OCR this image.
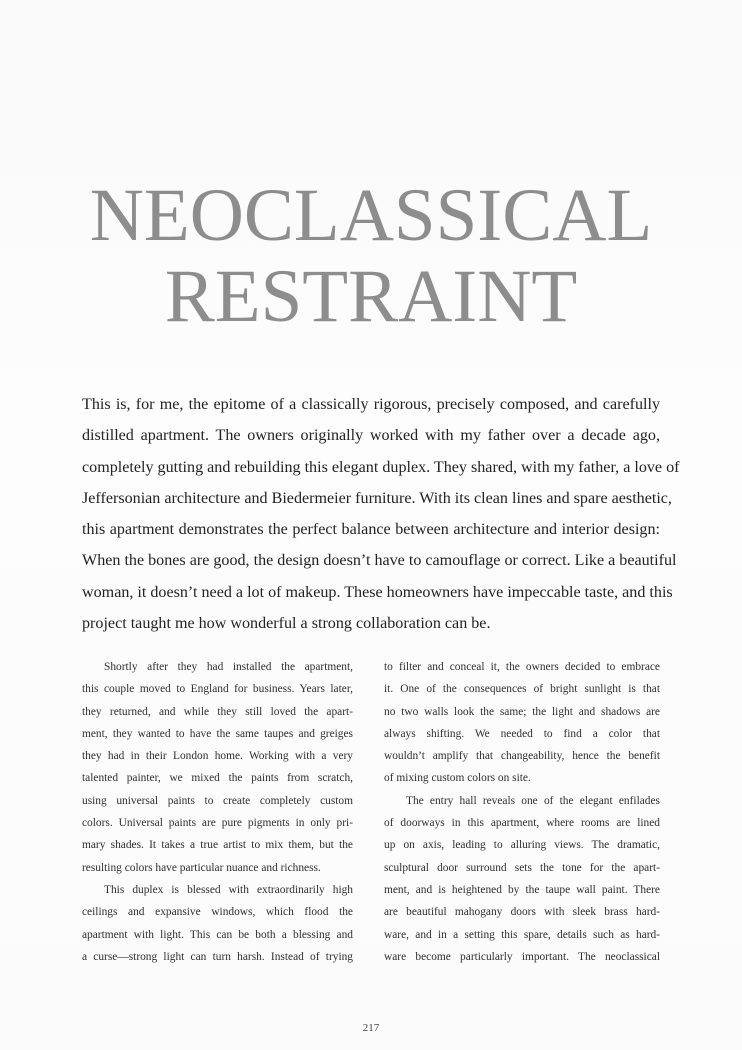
NEOCLASSICAL
RESTRAINT
This is, for me, the epitome of a classically rigorous, precisely composed, and carefully
distilled apartment. The owners originally worked with my father over a decade ago,
completely gutting and rebuilding this elegant duplex. They shared, with my father, a love of
Jeffersonian architecture and Biedermeier furniture. With its clean lines and spare aesthetic,
this apartment demonstrates the perfect balance between architecture and interior design:
When the bones are good, the design doesn’t have to camouflage or correct. Like a beautiful
woman, it doesn’t need a lot of makeup. These homeowners have impeccable taste, and this
project taught me how wonderful a strong collaboration can be.
Shortly after they had installed the apartment,
this couple moved to England for business. Years later,
they returned, and while they still loved the apart-
ment, they wanted to have the same taupes and greiges
they had in their London home. Working with a very
talented painter, we mixed the paints from scratch,
using universal paints to create completely custom
colors. Universal paints are pure pigments in only pri-
mary shades. It takes a true artist to mix them, but the
resulting colors have particular nuance and richness.
This duplex is blessed with extraordinarily high
ceilings and expansive windows, which flood the
apartment with light. This can be both a blessing and
a curse—strong light can turn harsh. Instead of trying
to filter and conceal it, the owners decided to embrace
it. One of the consequences of bright sunlight is that
no two walls look the same; the light and shadows are
always shifting. We needed to find a color that
wouldn’t amplify that changeability, hence the benefit
of mixing custom colors on site.
The entry hall reveals one of the elegant enfilades
of doorways in this apartment, where rooms are lined
up on axis, leading to alluring views. The dramatic,
sculptural door surround sets the tone for the apart-
ment, and is heightened by the taupe wall paint. There
are beautiful mahogany doors with sleek brass hard-
ware, and in a setting this spare, details such as hard-
ware become particularly important. The neoclassical
217
